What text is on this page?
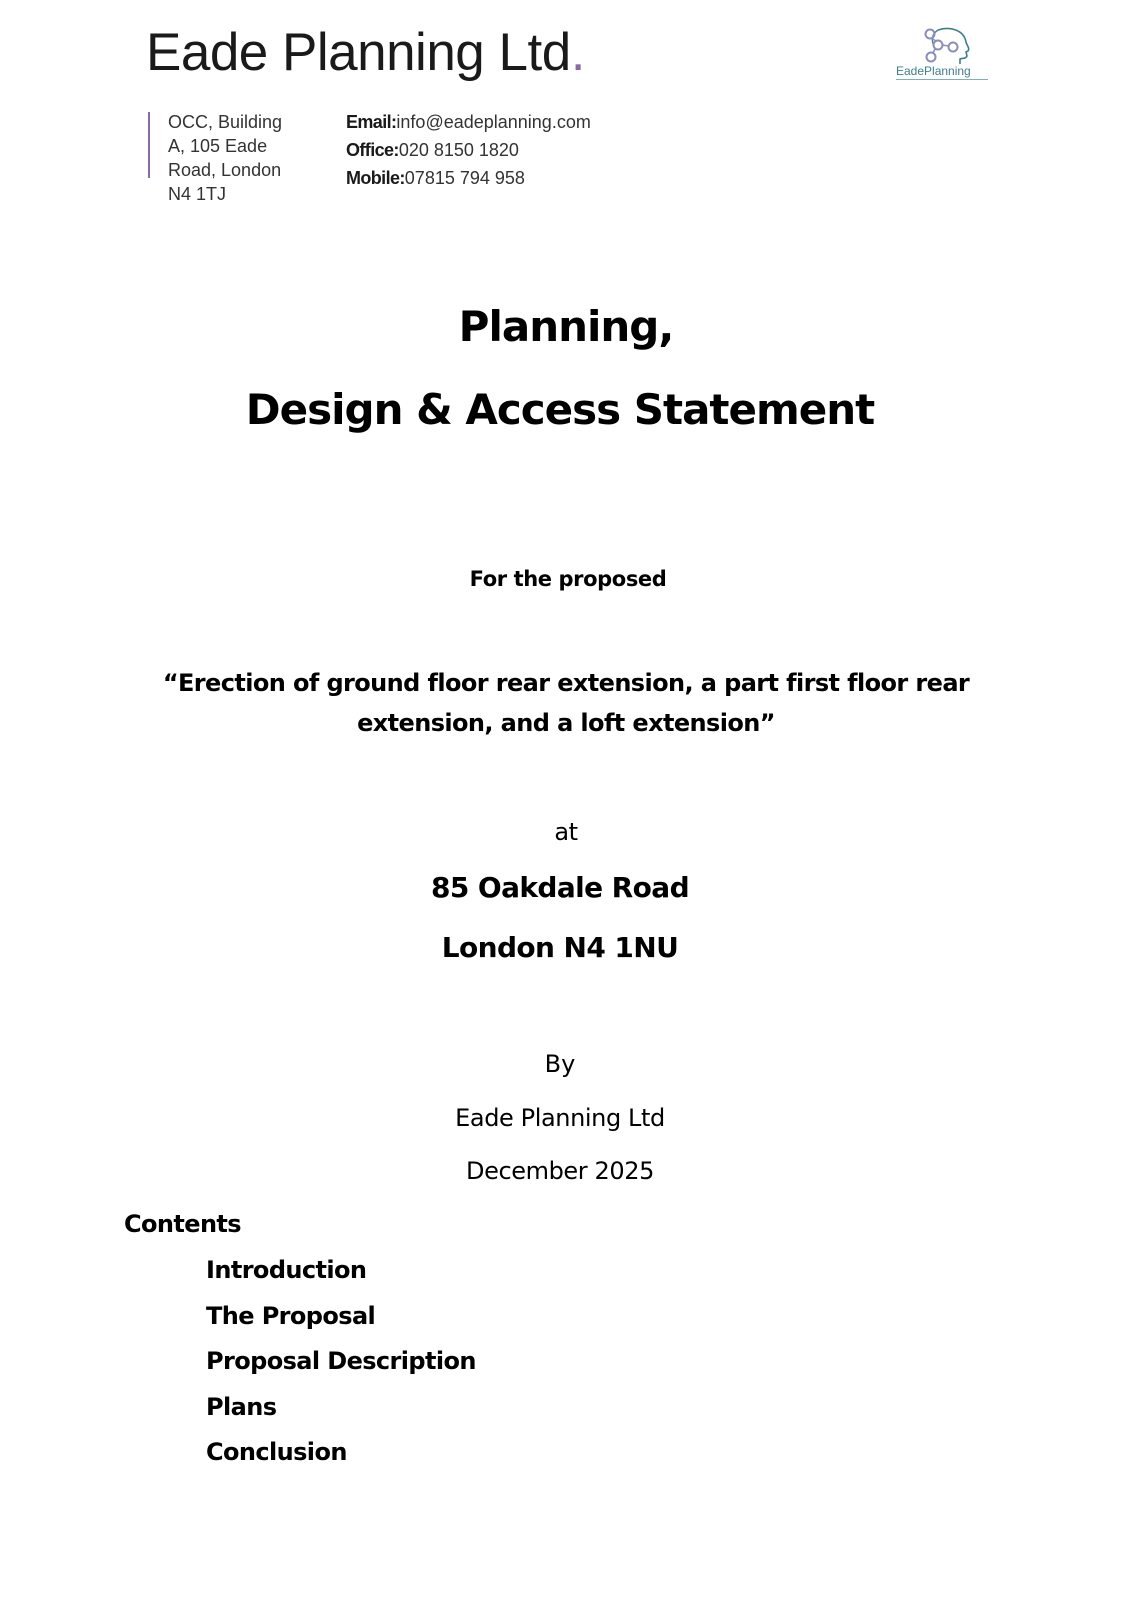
Eade Planning Ltd.	EadePlanning
OCC, Building
A, 105 Eade
Road, London
N4 1TJ
Email:info@eadeplanning.com
Office:020 8150 1820
Mobile:07815 794 958
Planning,
Design & Access Statement
For the proposed
“Erection of ground floor rear extension, a part first floor rear
extension, and a loft extension”
at
85 Oakdale Road
London N4 1NU
By
Eade Planning Ltd
December 2025
Contents
Introduction
The Proposal
Proposal Description
Plans
Conclusion
